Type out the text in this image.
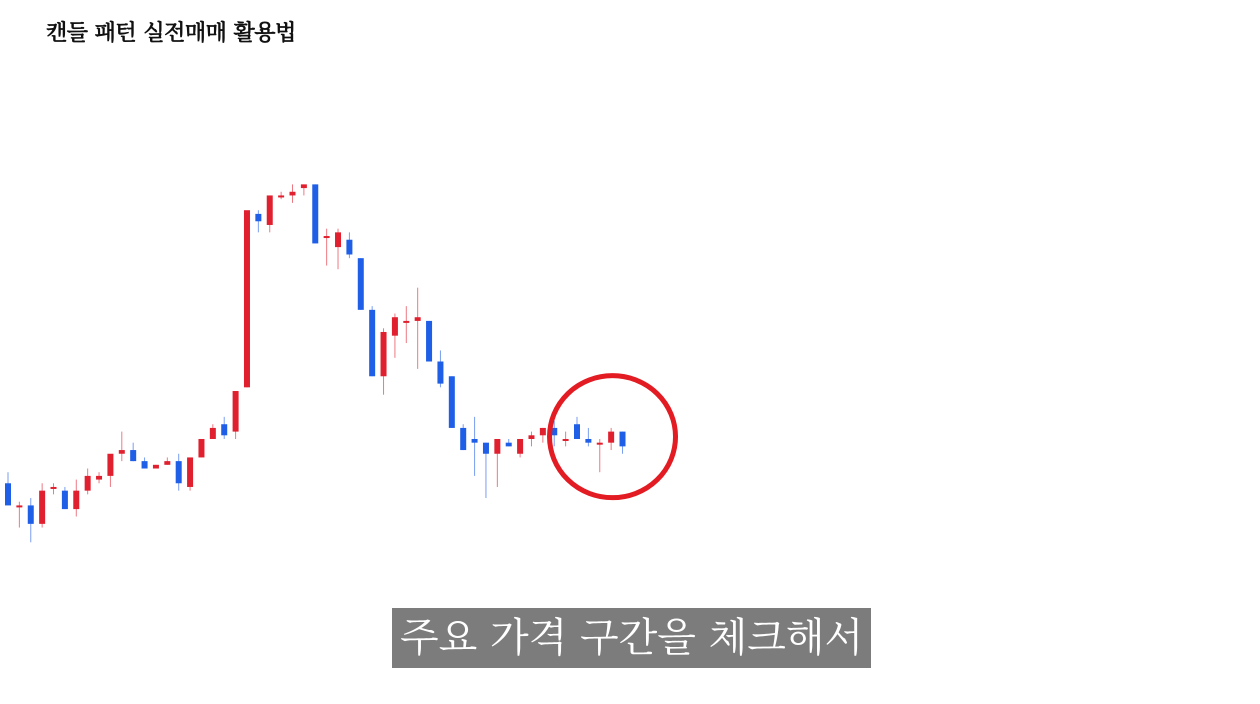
캔들 패턴 실전매매 활용법
주요 가격 구간을 체크해서
